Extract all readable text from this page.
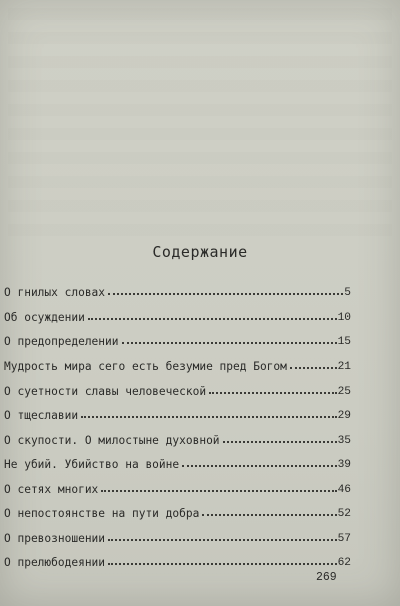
Содержание
О гнилых словах	5
Об осуждении	10
О предопределении	15
Мудрость мира сего есть безумие пред Богом	21
О суетности славы человеческой	25
О тщеславии	29
О скупости. О милостыне духовной	35
Не убий. Убийство на войне	39
О сетях многих	46
О непостоянстве на пути добра	52
О превозношении	57
О прелюбодеянии	62
269
